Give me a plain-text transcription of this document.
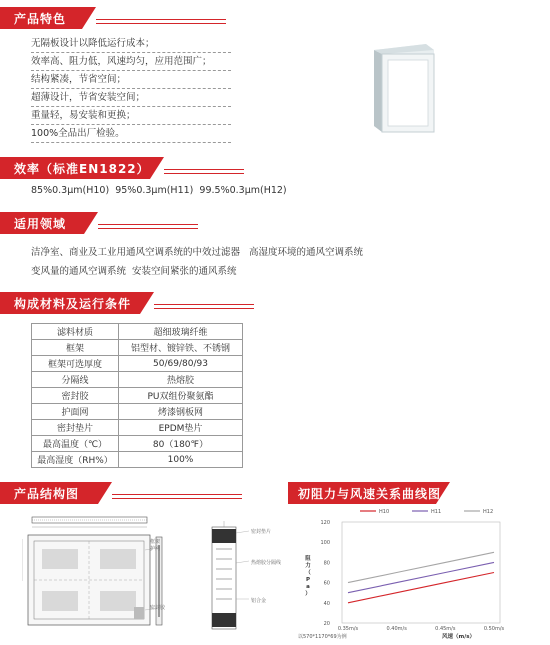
产品特色
无隔板设计以降低运行成本；
效率高、阻力低，风速均匀，应用范围广；
结构紧凑，节省空间；
超薄设计，节省安装空间；
重量轻，易安装和更换；
100%全品出厂检验。
效率（标准EN1822）
85%0.3μm(H10)  95%0.3μm(H11)  99.5%0.3μm(H12)
适用领域
洁净室、商业及工业用通风空调系统的中效过滤器   高湿度环境的通风空调系统
变风量的通风空调系统  安装空间紧张的通风系统
构成材料及运行条件
滤料材质	超细玻璃纤维
框架	铝型材、镀锌铁、不锈钢
框架可选厚度	50/69/80/93
分隔线	热熔胶
密封胶	PU双组份聚氨酯
护面网	烤漆钢板网
密封垫片	EPDM垫片
最高温度（℃）	80（180℉）
最高湿度（RH%）	100%
产品结构图
护网
密封胶
框架
密封垫片
热熔胶分隔线
铝合金
初阻力与风速关系曲线图
20
40
60
80
100
120
0.35m/s	0.40m/s	0.45m/s	0.50m/s
H10	H11	H12
阻力（ P a ）
风速（m/s）
以570*1170*69为例
